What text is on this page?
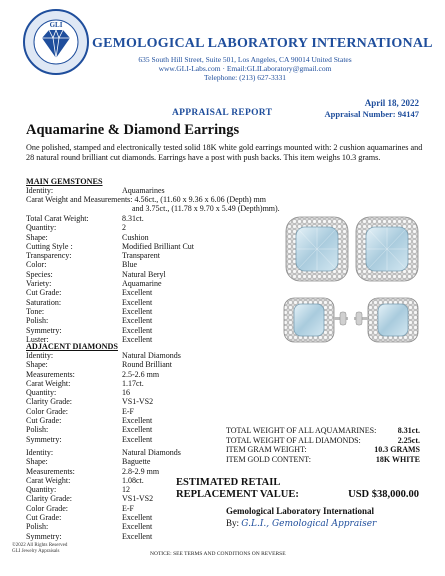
GLI
GEMOLOGICAL LABORATORY INTERNATIONAL
635 South Hill Street, Suite 501, Los Angeles, CA 90014 United States
www.GLI-Labs.com · Email:GLILaboratory@gmail.com
Telephone: (213) 627-3331
April 18, 2022
APPRAISAL REPORT	Appraisal Number: 94147
Aquamarine & Diamond Earrings
One polished, stamped and electronically tested solid 18K white gold earrings mounted with: 2 cushion aquamarines and 28 natural round brilliant cut diamonds. Earrings have a post with push backs. This item weighs 10.3 grams.
MAIN GEMSTONES
Identity:	Aquamarines
Carat Weight and Measurements: 4.56ct., (11.60 x 9.36 x 6.06 (Depth) mm
and 3.75ct., (11.78 x 9.70 x 5.49 (Depth)mm).
Total Carat Weight:	8.31ct.
Quantity:	2
Shape:	Cushion
Cutting Style :	Modified Brilliant Cut
Transparency:	Transparent
Color:	Blue
Species:	Natural Beryl
Variety:	Aquamarine
Cut Grade:	Excellent
Saturation:	Excellent
Tone:	Excellent
Polish:	Excellent
Symmetry:	Excellent
Luster:	Excellent
ADJACENT DIAMONDS
Identity:	Natural Diamonds
Shape:	Round Brilliant
Measurements:	2.5-2.6 mm
Carat Weight:	1.17ct.
Quantity:	16
Clarity Grade:	VS1-VS2
Color Grade:	E-F
Cut Grade:	Excellent
Polish:	Excellent
Symmetry:	Excellent
Identity:	Natural Diamonds
Shape:	Baguette
Measurements:	2.8-2.9 mm
Carat Weight:	1.08ct.
Quantity:	12
Clarity Grade:	VS1-VS2
Color Grade:	E-F
Cut Grade:	Excellent
Polish:	Excellent
Symmetry:	Excellent
TOTAL WEIGHT OF ALL AQUAMARINES:	8.31ct.
TOTAL WEIGHT OF ALL DIAMONDS:	2.25ct.
ITEM GRAM WEIGHT:	10.3 GRAMS
ITEM GOLD CONTENT:	18K WHITE
ESTIMATED RETAIL
REPLACEMENT VALUE:	USD $38,000.00
Gemological Laboratory International
By: G.L.I., Gemological Appraiser
©2022 All Rights Reserved
GLI Jewelry Appraisals	NOTICE: SEE TERMS AND CONDITIONS ON REVERSE
